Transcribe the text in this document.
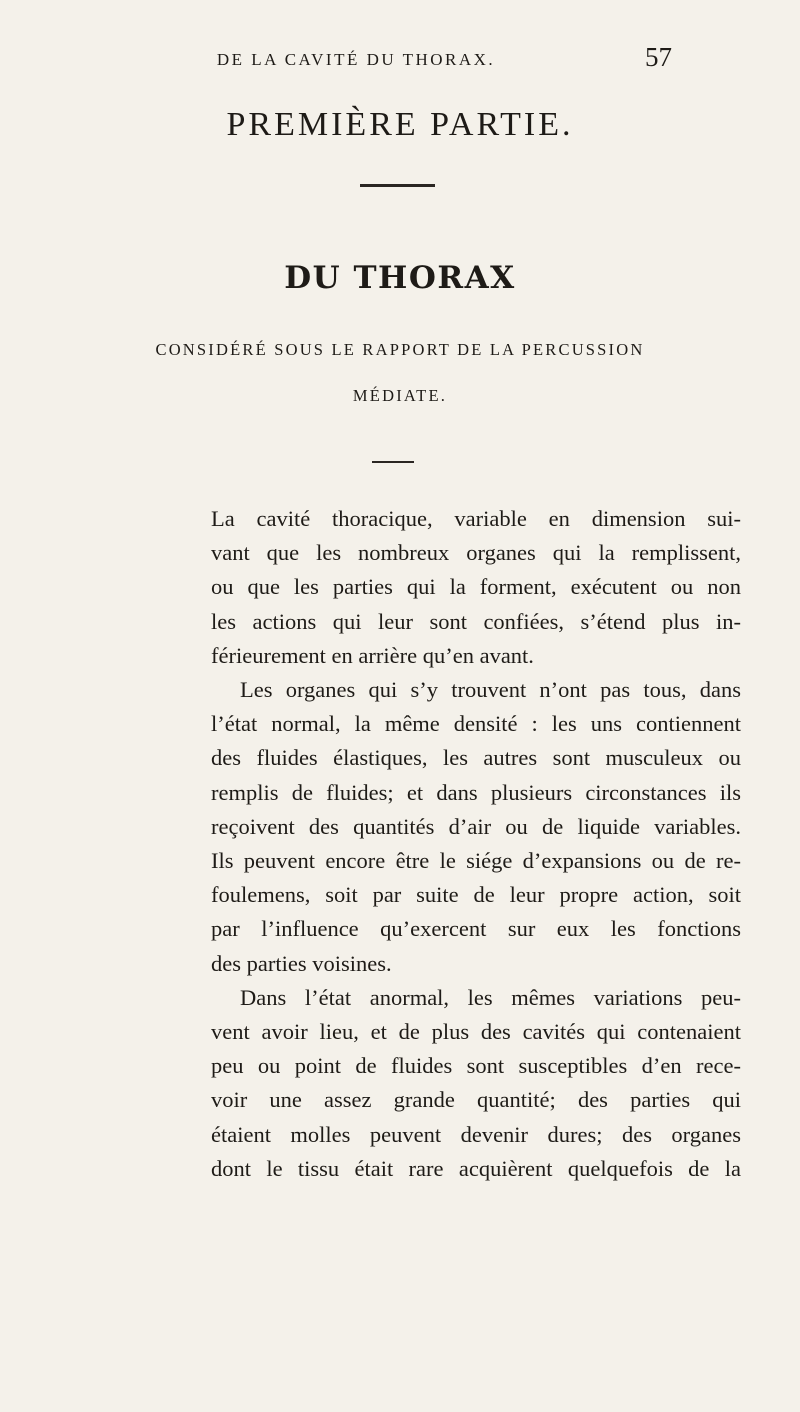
DE LA CAVITÉ DU THORAX.	57
PREMIÈRE PARTIE.
DU THORAX
CONSIDÉRÉ SOUS LE RAPPORT DE LA PERCUSSION
MÉDIATE.
La cavité thoracique, variable en dimension sui-
vant que les nombreux organes qui la remplissent,
ou que les parties qui la forment, exécutent ou non
les actions qui leur sont confiées, s’étend plus in-
férieurement en arrière qu’en avant.
Les organes qui s’y trouvent n’ont pas tous, dans
l’état normal, la même densité : les uns contiennent
des fluides élastiques, les autres sont musculeux ou
remplis de fluides; et dans plusieurs circonstances ils
reçoivent des quantités d’air ou de liquide variables.
Ils peuvent encore être le siége d’expansions ou de re-
foulemens, soit par suite de leur propre action, soit
par l’influence qu’exercent sur eux les fonctions
des parties voisines.
Dans l’état anormal, les mêmes variations peu-
vent avoir lieu, et de plus des cavités qui contenaient
peu ou point de fluides sont susceptibles d’en rece-
voir une assez grande quantité; des parties qui
étaient molles peuvent devenir dures; des organes
dont le tissu était rare acquièrent quelquefois de la
